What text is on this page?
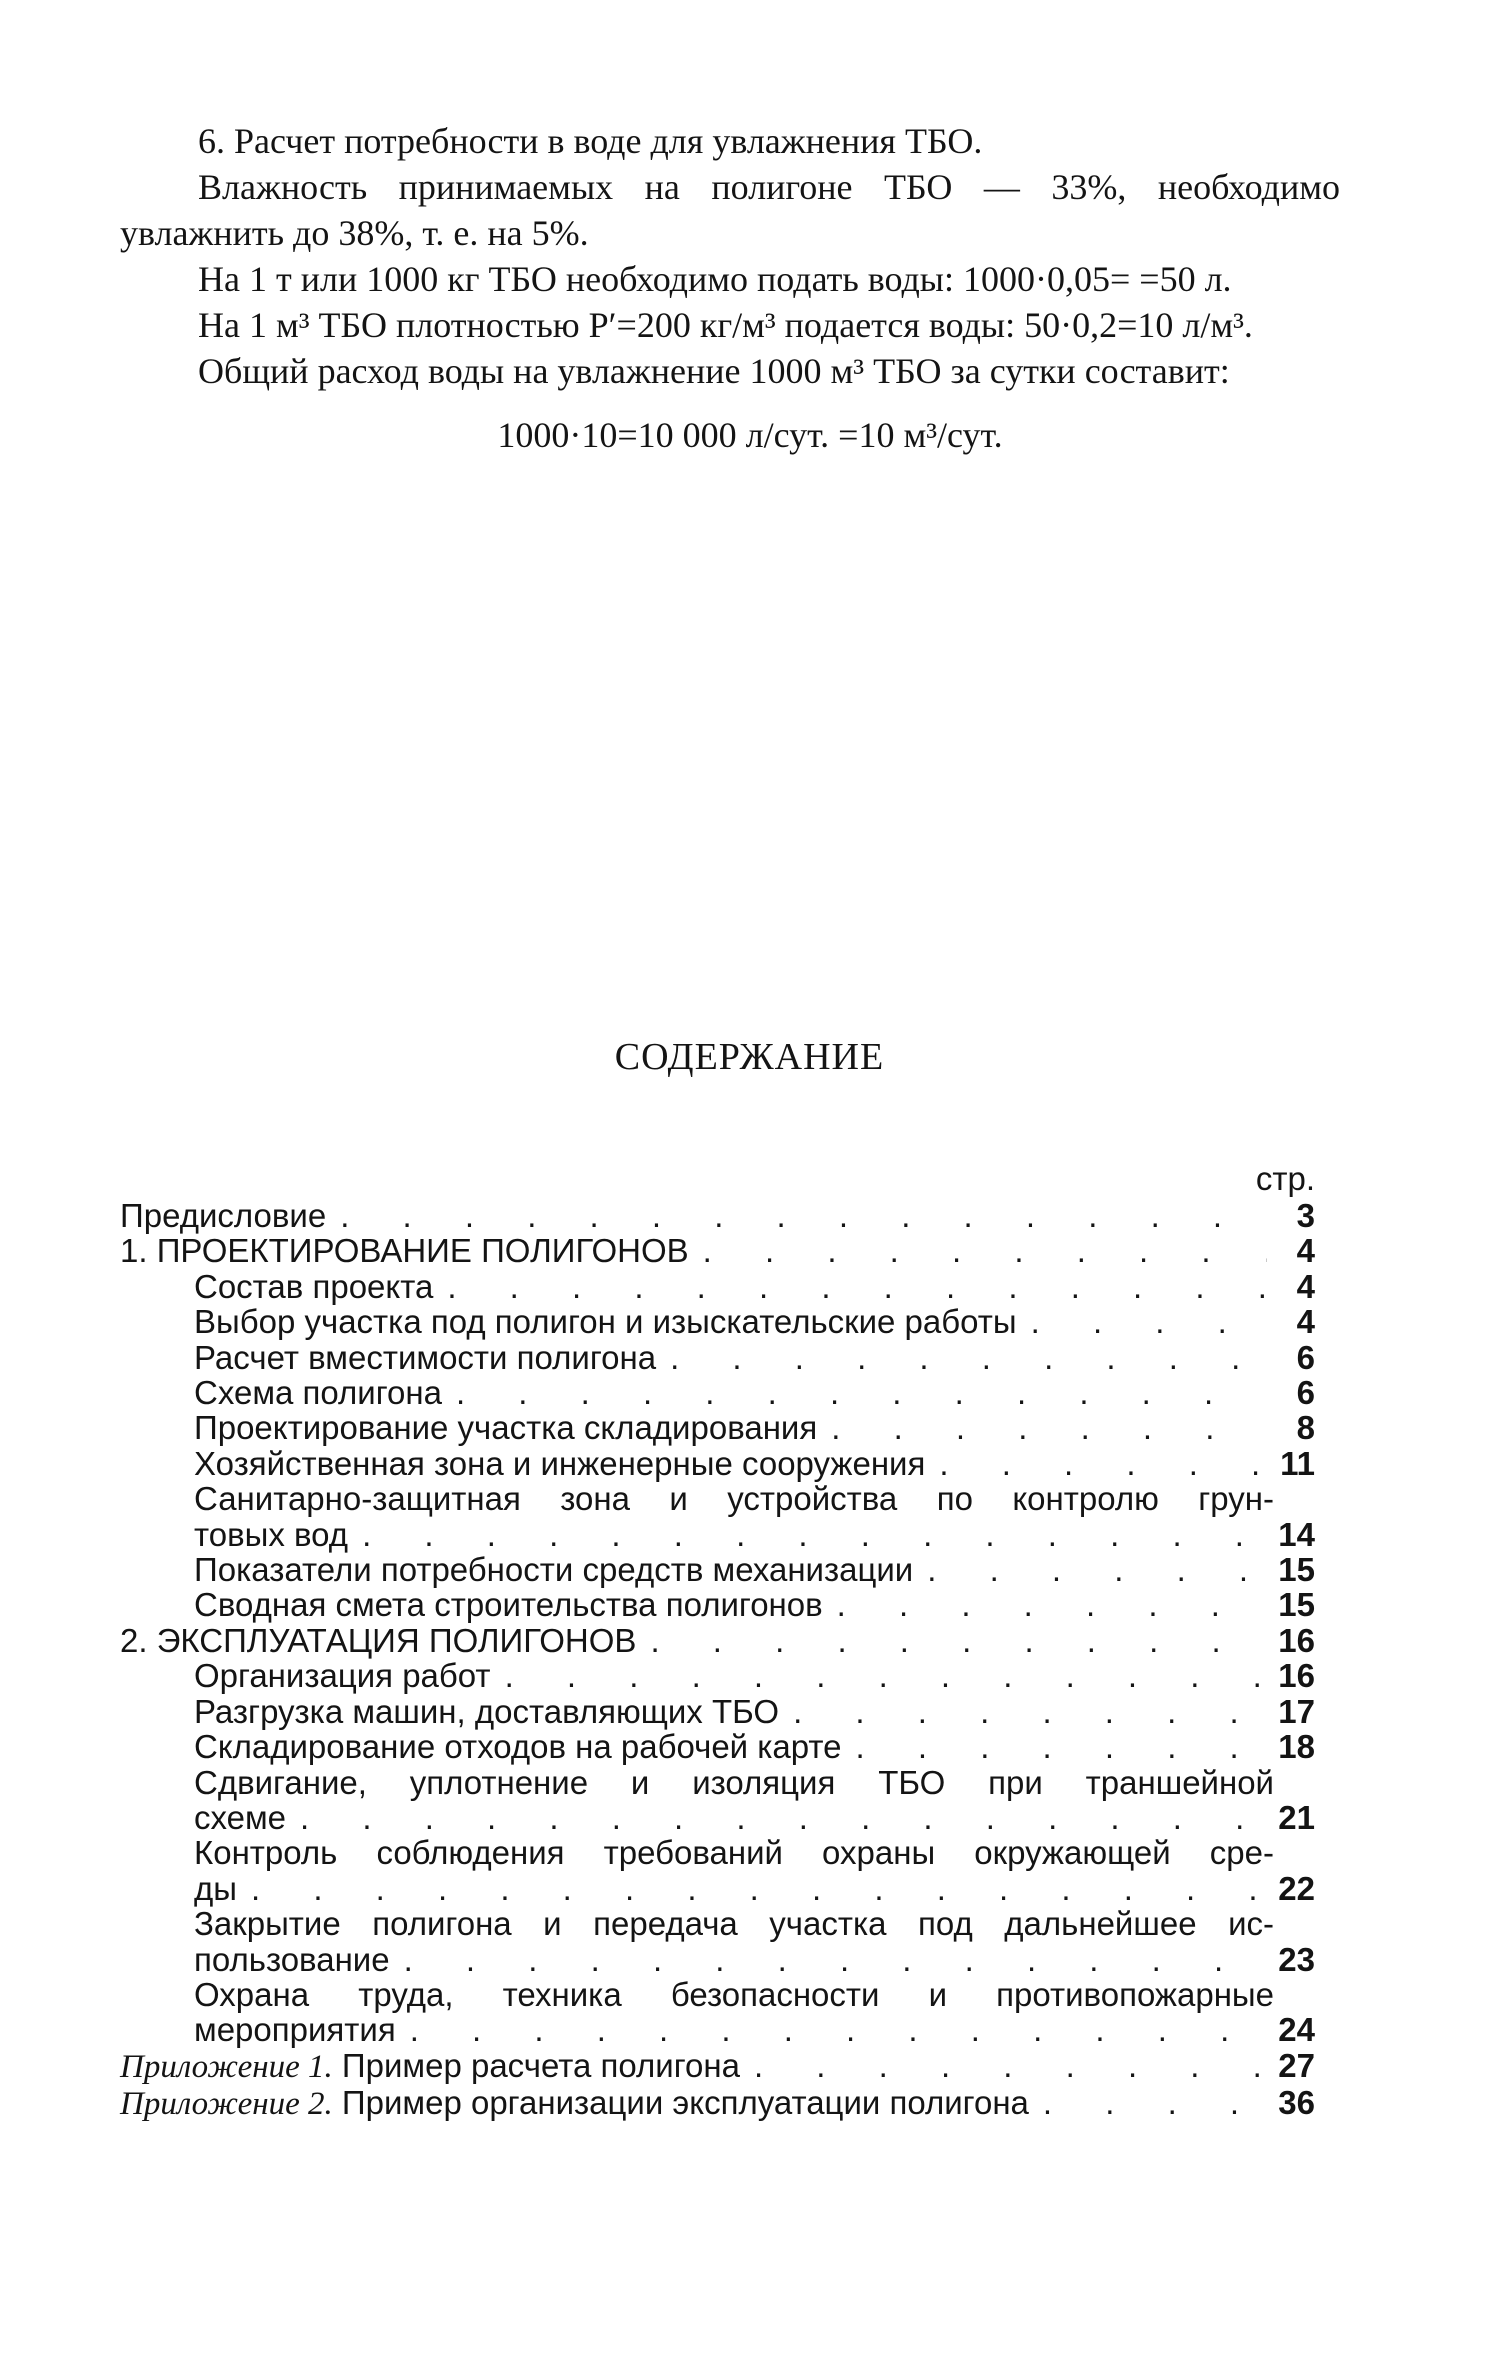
6. Расчет потребности в воде для увлажнения ТБО.

Влажность принимаемых на полигоне ТБО — 33%, необходимо увлажнить до 38%, т. е. на 5%.

На 1 т или 1000 кг ТБО необходимо подать воды: 1000·0,05= =50 л.

На 1 м³ ТБО плотностью P′=200 кг/м³ подается воды: 50·0,2=10 л/м³.

Общий расход воды на увлажнение 1000 м³ ТБО за сутки составит:

1000·10=10 000 л/сут. =10 м³/сут.

СОДЕРЖАНИЕ
стр.
Предисловие . . .	3
1. ПРОЕКТИРОВАНИЕ ПОЛИГОНОВ . . .	4
Состав проекта . . .	4
Выбор участка под полигон и изыскательские работы . . .	4
Расчет вместимости полигона . . .	6
Схема полигона . . .	6
Проектирование участка складирования . . .	8
Хозяйственная зона и инженерные сооружения . . .	11
Санитарно-защитная зона и устройства по контролю грун-
товых вод . . .	14
Показатели потребности средств механизации . . .	15
Сводная смета строительства полигонов . . .	15
2. ЭКСПЛУАТАЦИЯ ПОЛИГОНОВ . . .	16
Организация работ . . .	16
Разгрузка машин, доставляющих ТБО . . .	17
Складирование отходов на рабочей карте . . .	18
Сдвигание, уплотнение и изоляция ТБО при траншейной
схеме . . .	21
Контроль соблюдения требований охраны окружающей сре-
ды . . .	22
Закрытие полигона и передача участка под дальнейшее ис-
пользование . . .	23
Охрана труда, техника безопасности и противопожарные
мероприятия . . .	24
Приложение 1. Пример расчета полигона . . .	27
Приложение 2. Пример организации эксплуатации полигона . . .	36
